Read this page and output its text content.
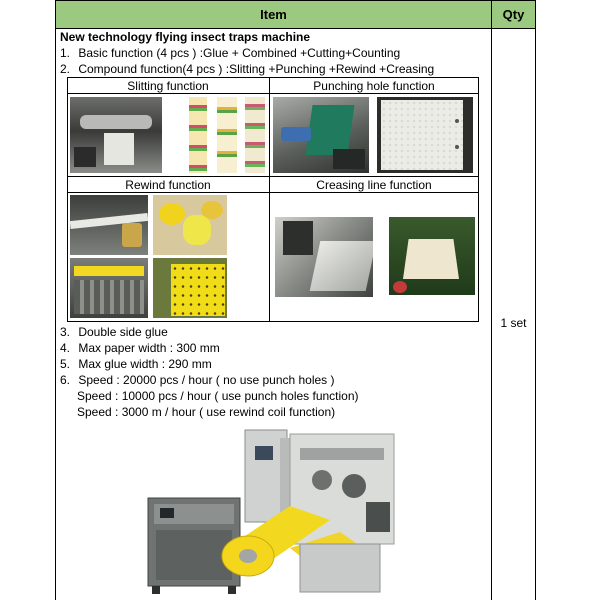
Item	Qty
New technology flying insect traps machine
1. Basic function (4 pcs ) :Glue + Combined +Cutting+Counting
2. Compound function(4 pcs ) :Slitting +Punching +Rewind +Creasing
Slitting function	Punching hole function
Rewind function	Creasing line function
3. Double side glue
4. Max paper width : 300 mm
5. Max glue width : 290 mm
6. Speed : 20000 pcs / hour ( no use punch holes )
Speed : 10000 pcs / hour ( use punch holes function)
Speed : 3000 m / hour ( use rewind coil function)
1 set
